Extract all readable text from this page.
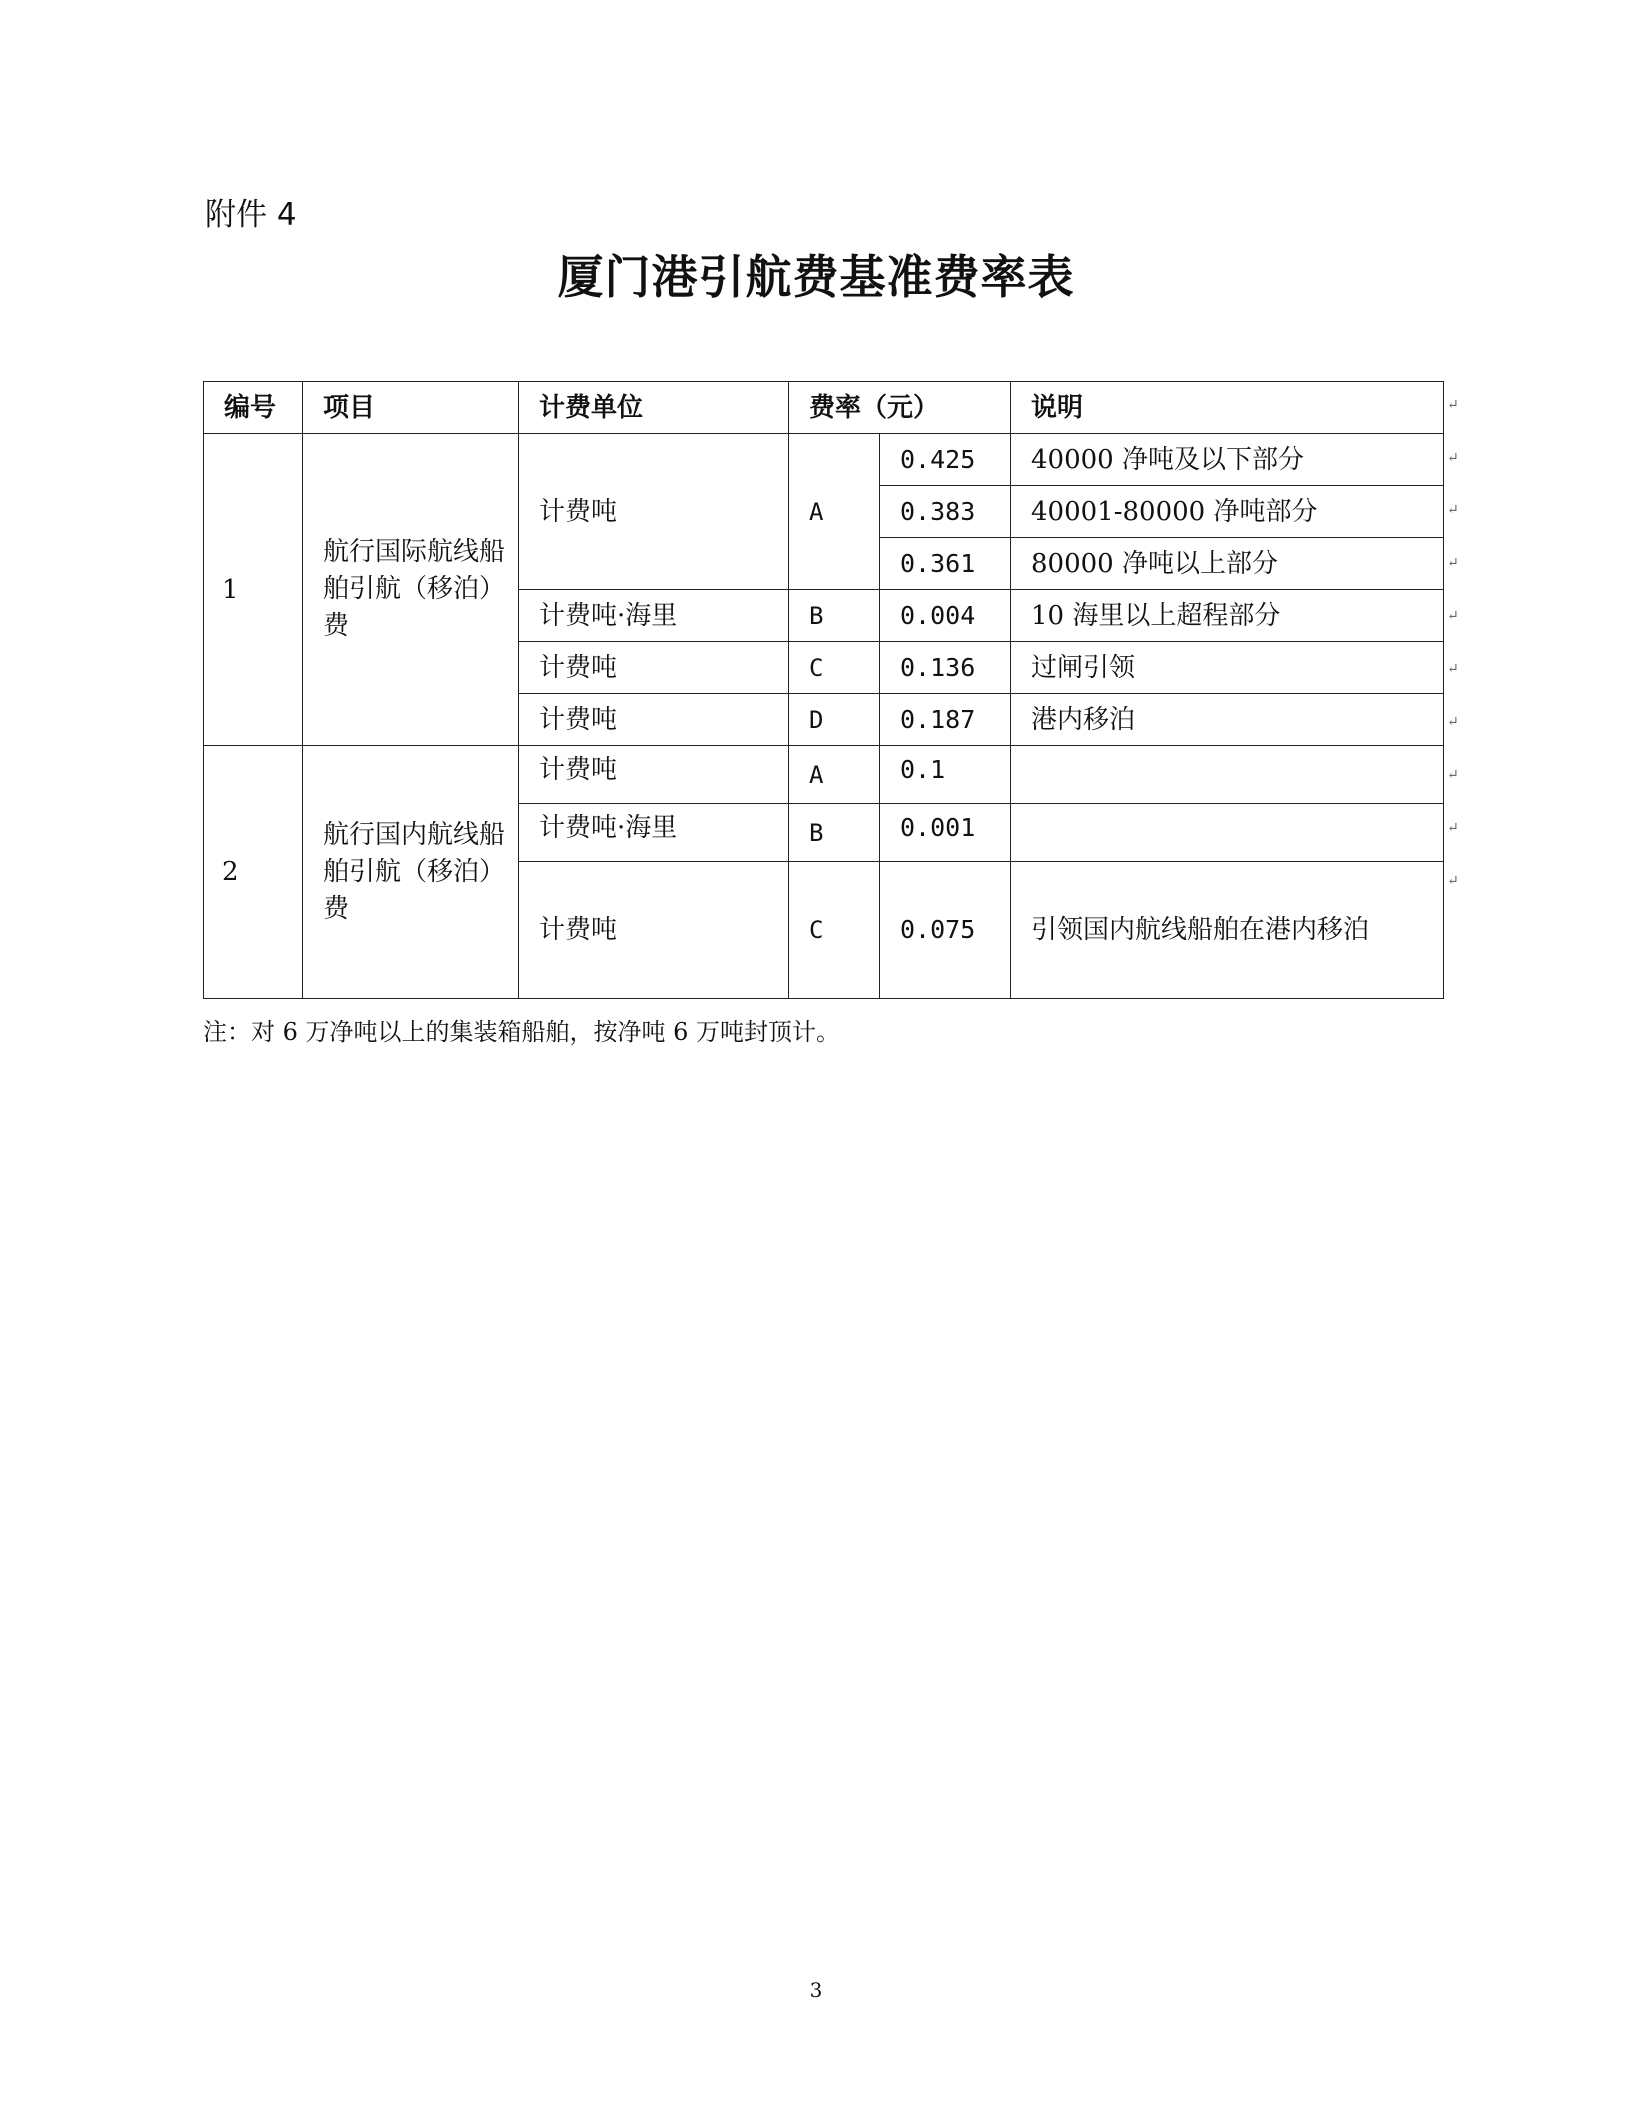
附件 4
厦门港引航费基准费率表
编号	项目	计费单位	费率（元）		说明
1	航行国际航线船舶引航（移泊）费	计费吨	A	0.425	40000 净吨及以下部分
				0.383	40001-80000 净吨部分
				0.361	80000 净吨以上部分
		计费吨·海里	B	0.004	10 海里以上超程部分
		计费吨	C	0.136	过闸引领
		计费吨	D	0.187	港内移泊
2	航行国内航线船舶引航（移泊）费	计费吨	A	0.1	
		计费吨·海里	B	0.001	
		计费吨	C	0.075	引领国内航线船舶在港内移泊
↵
↵
↵
↵
↵
↵
↵
↵
↵
↵
注：对 6 万净吨以上的集装箱船舶，按净吨 6 万吨封顶计。
3
